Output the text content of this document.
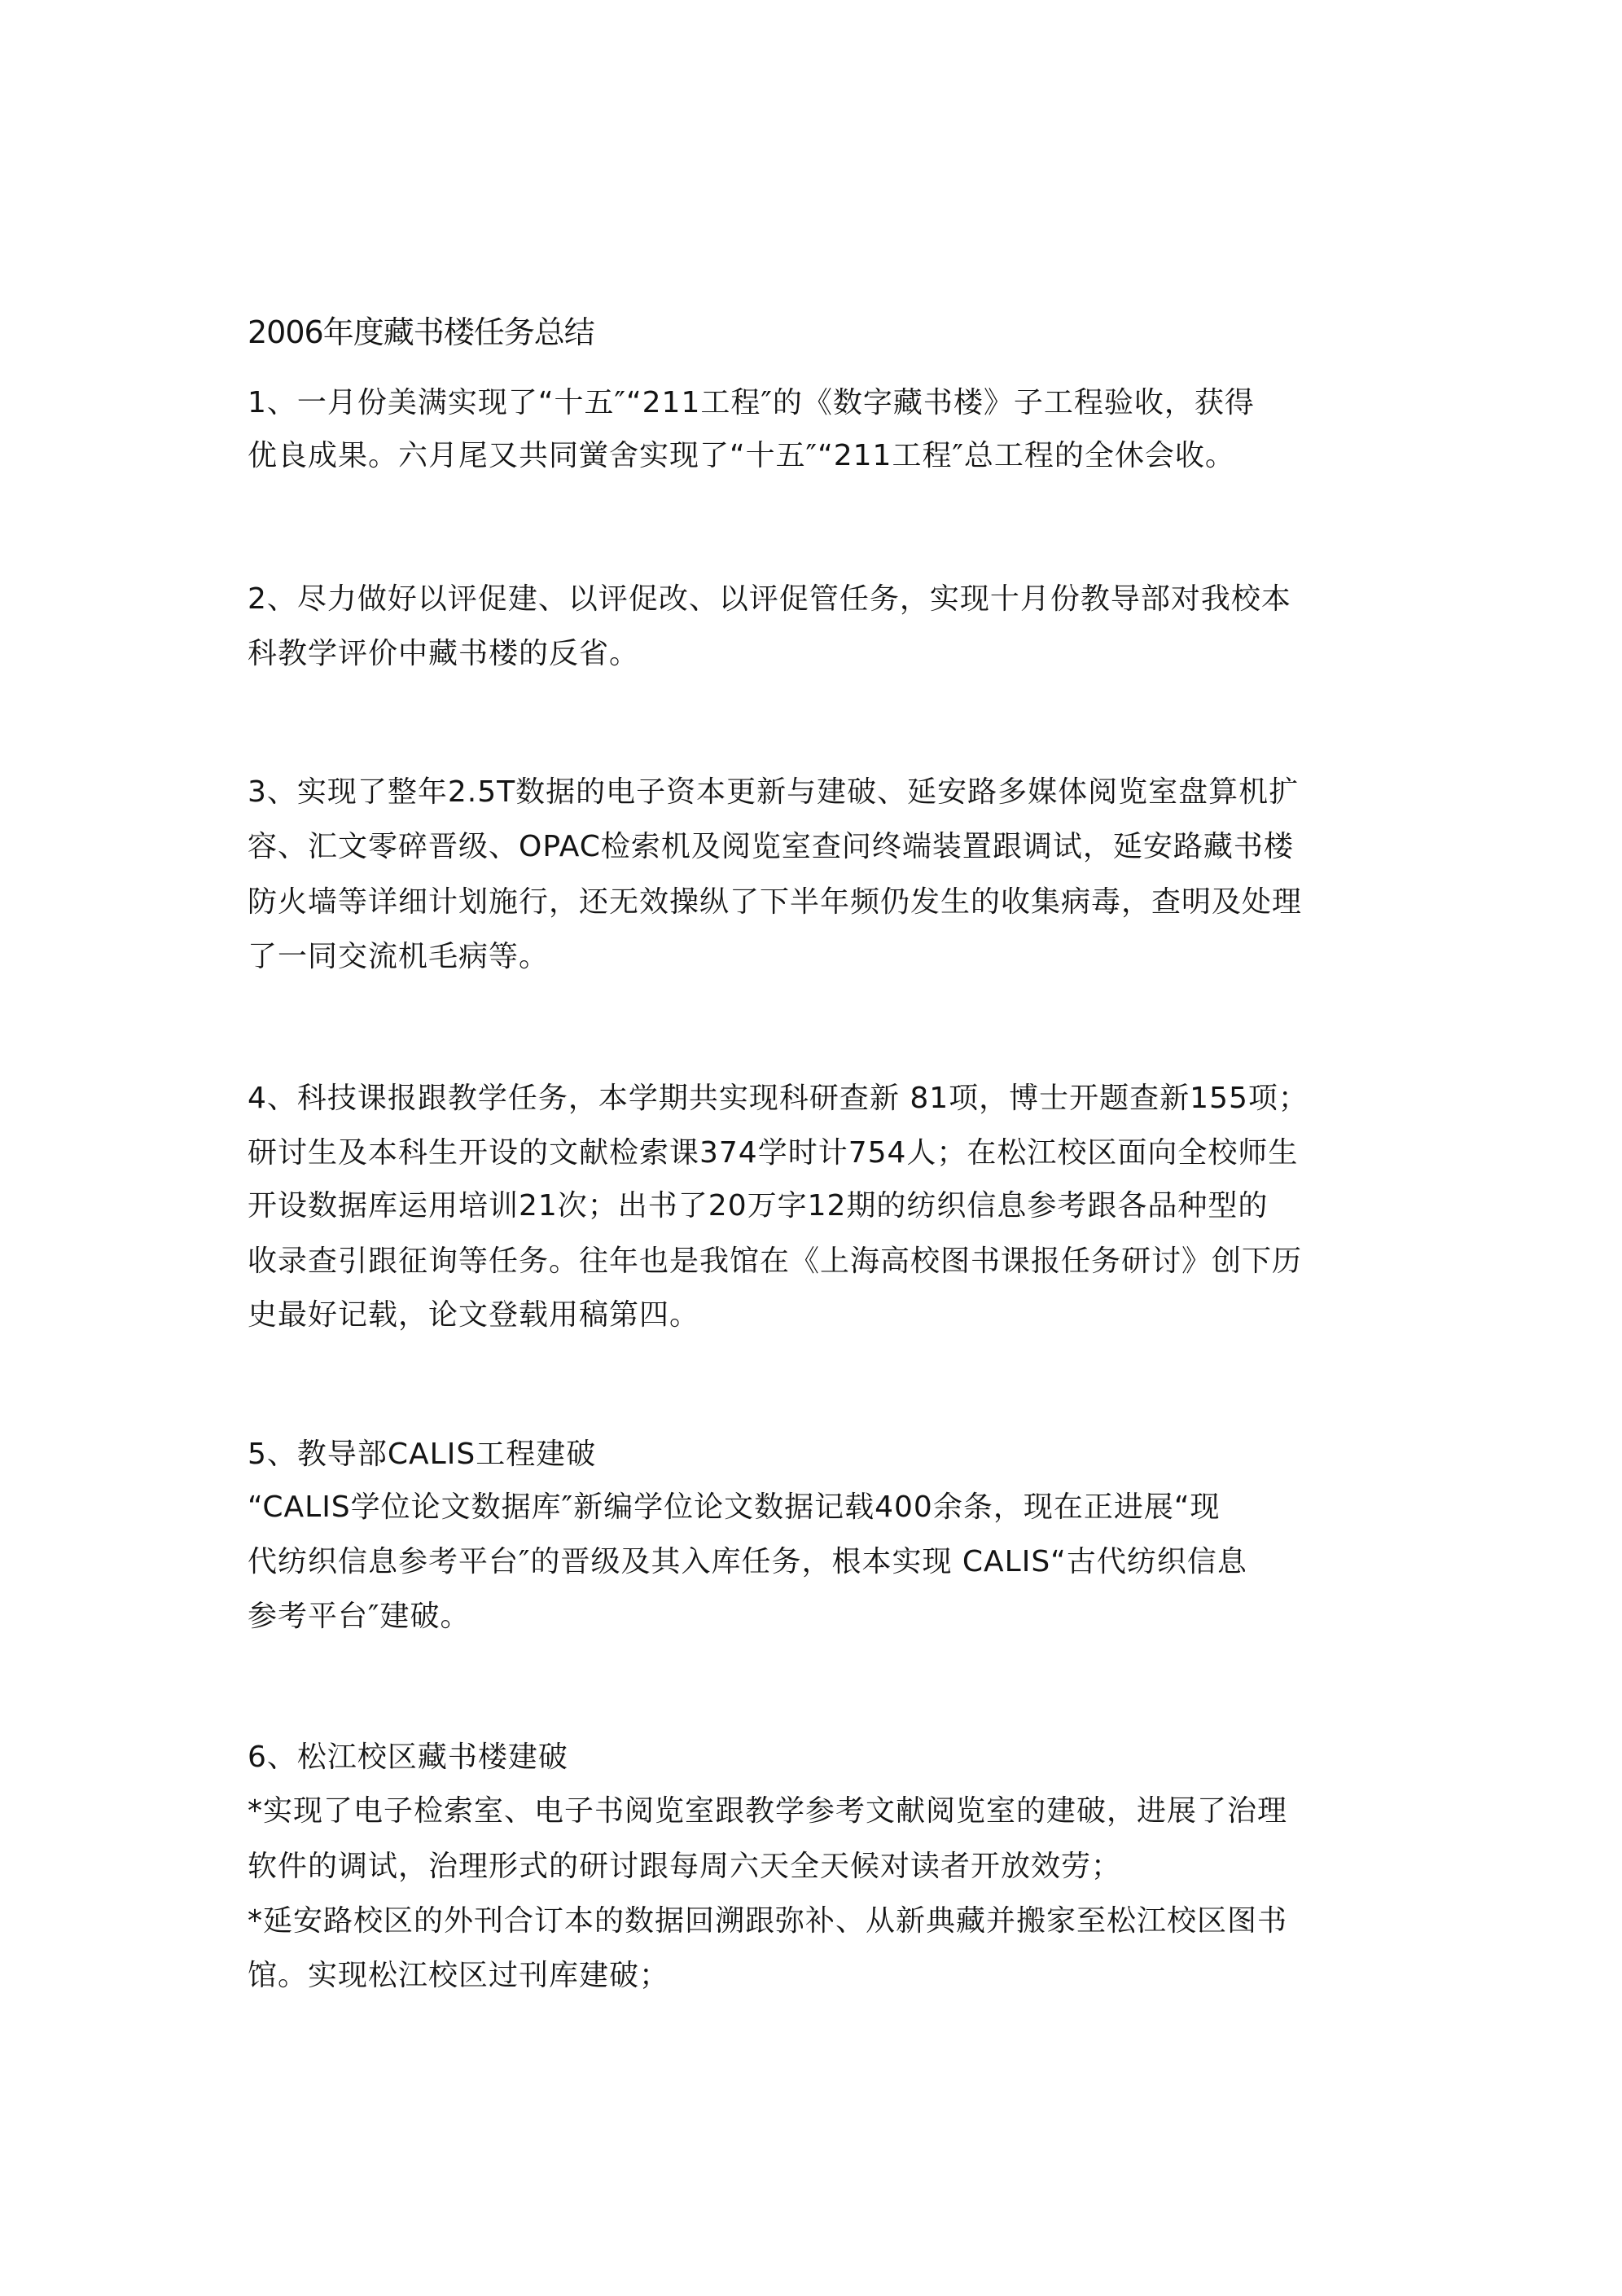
2006年度藏书楼任务总结
1、一月份美满实现了“十五″“211工程″的《数字藏书楼》子工程验收，获得
优良成果。六月尾又共同黉舍实现了“十五″“211工程″总工程的全休会收。
2、尽力做好以评促建、以评促改、以评促管任务，实现十月份教导部对我校本
科教学评价中藏书楼的反省。
3、实现了整年2.5T数据的电子资本更新与建破、延安路多媒体阅览室盘算机扩
容、汇文零碎晋级、OPAC检索机及阅览室查问终端装置跟调试，延安路藏书楼
防火墙等详细计划施行，还无效操纵了下半年频仍发生的收集病毒，查明及处理
了一同交流机毛病等。
4、科技课报跟教学任务，本学期共实现科研查新 81项，博士开题查新155项；
研讨生及本科生开设的文献检索课374学时计754人；在松江校区面向全校师生
开设数据库运用培训21次；出书了20万字12期的纺织信息参考跟各品种型的
收录查引跟征询等任务。往年也是我馆在《上海高校图书课报任务研讨》创下历
史最好记载，论文登载用稿第四。
5、教导部CALIS工程建破
“CALIS学位论文数据库″新编学位论文数据记载400余条，现在正进展“现
代纺织信息参考平台″的晋级及其入库任务，根本实现 CALIS“古代纺织信息
参考平台″建破。
6、松江校区藏书楼建破
*实现了电子检索室、电子书阅览室跟教学参考文献阅览室的建破，进展了治理
软件的调试，治理形式的研讨跟每周六天全天候对读者开放效劳；
*延安路校区的外刊合订本的数据回溯跟弥补、从新典藏并搬家至松江校区图书
馆。实现松江校区过刊库建破；
